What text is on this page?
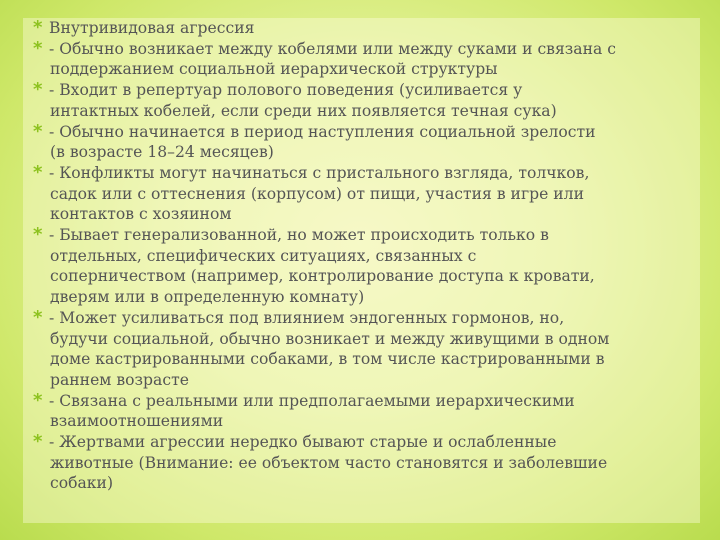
* Внутривидовая агрессия
* - Обычно возникает между кобелями или между суками и связана с
поддержанием социальной иерархической структуры
* - Входит в репертуар полового поведения (усиливается у
интактных кобелей, если среди них появляется течная сука)
* - Обычно начинается в период наступления социальной зрелости
(в возрасте 18–24 месяцев)
* - Конфликты могут начинаться с пристального взгляда, толчков,
садок или с оттеснения (корпусом) от пищи, участия в игре или
контактов с хозяином
* - Бывает генерализованной, но может происходить только в
отдельных, специфических ситуациях, связанных с
соперничеством (например, контролирование доступа к кровати,
дверям или в определенную комнату)
* - Может усиливаться под влиянием эндогенных гормонов, но,
будучи социальной, обычно возникает и между живущими в одном
доме кастрированными собаками, в том числе кастрированными в
раннем возрасте
* - Связана с реальными или предполагаемыми иерархическими
взаимоотношениями
* - Жертвами агрессии нередко бывают старые и ослабленные
животные (Внимание: ее объектом часто становятся и заболевшие
собаки)
